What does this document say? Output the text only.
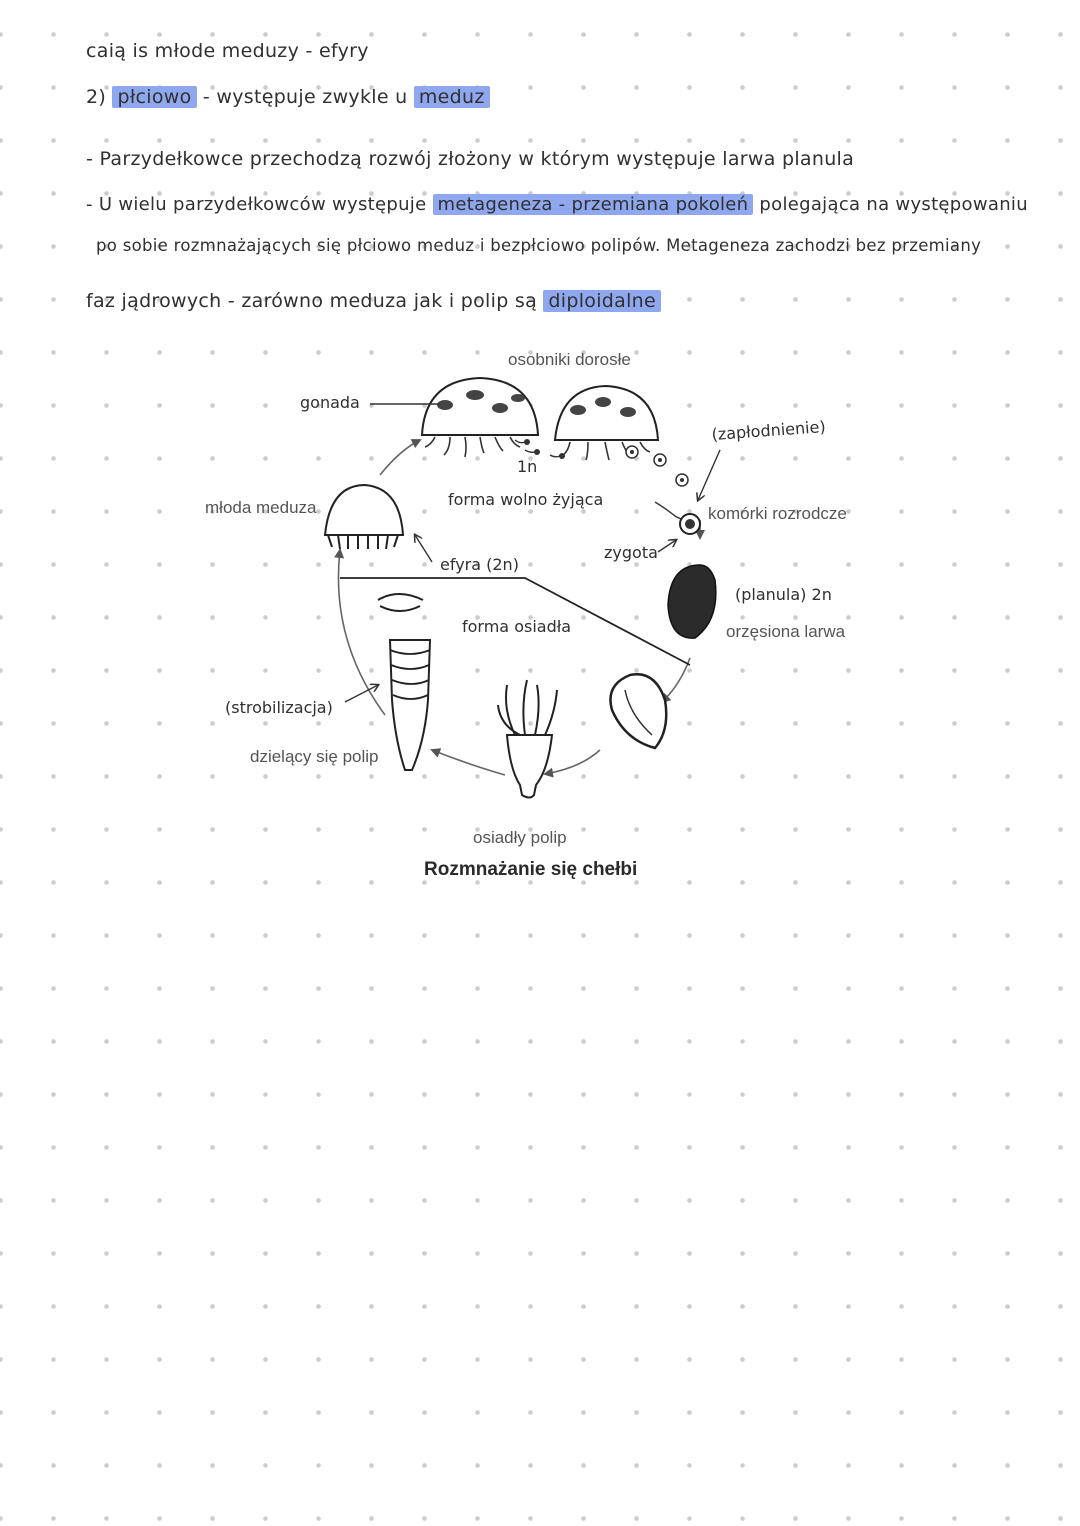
caią is młode meduzy - efyry
2) płciowo - występuje zwykle u meduz
- Parzydełkowce przechodzą rozwój złożony w którym występuje larwa planula
- U wielu parzydełkowców występuje metageneza - przemiana pokoleń polegająca na występowaniu
po sobie rozmnażających się płciowo meduz i bezpłciowo polipów. Metageneza zachodzi bez przemiany
faz jądrowych - zarówno meduza jak i polip są diploidalne
osobniki dorosłe
młoda meduza	komórki rozrodcze
orzęsiona larwa
dzielący się polip
osiadły polip
gonada
(zapłodnienie)
1n
forma wolno żyjąca
zygota
efyra (2n)
(planula) 2n
forma osiadła
(strobilizacja)
Rozmnażanie się chełbi
